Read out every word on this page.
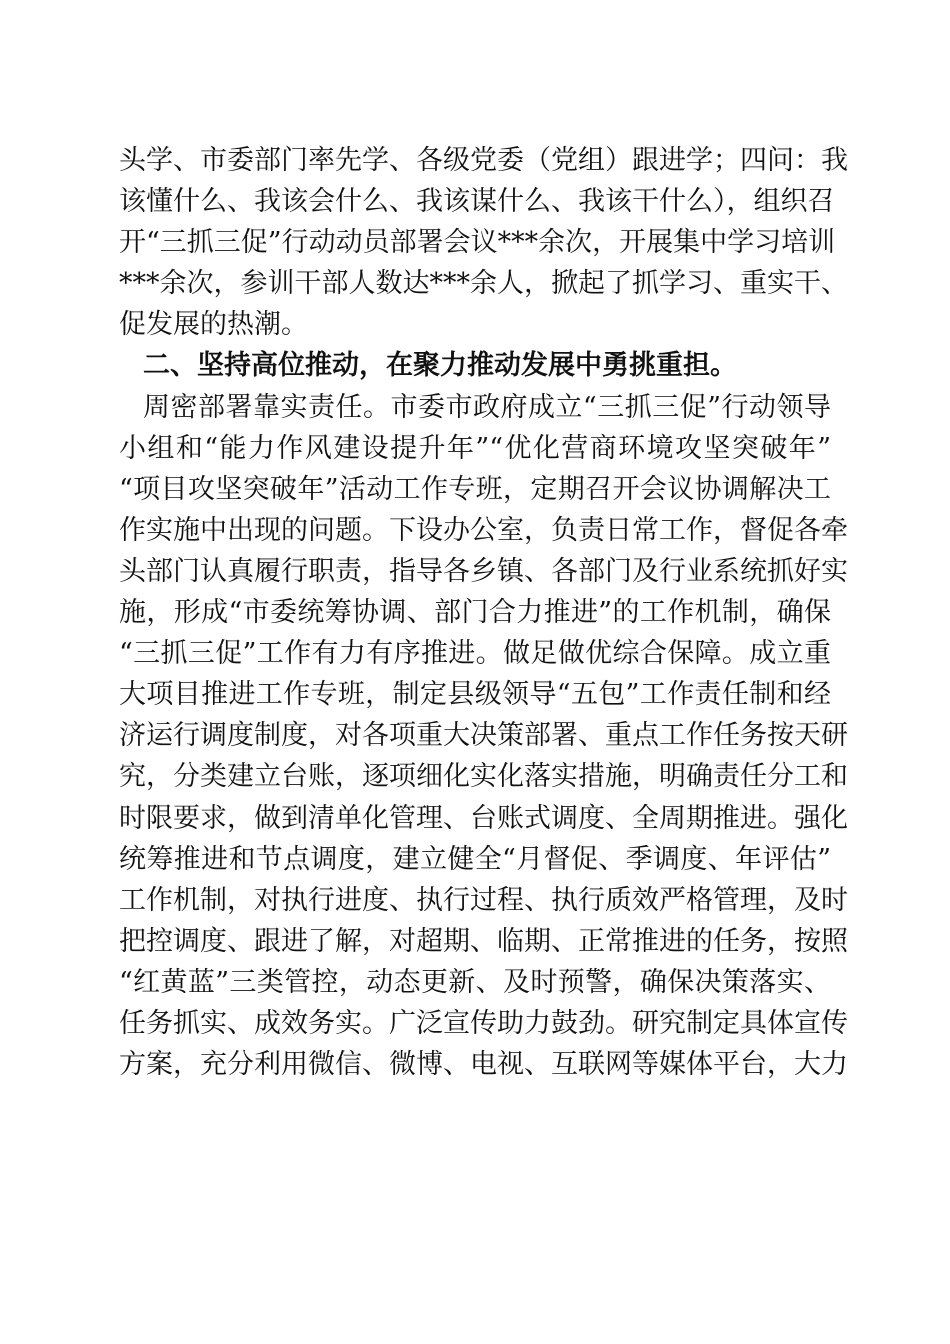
头学、市委部门率先学、各级党委（党组）跟进学；四问：我
该懂什么、我该会什么、我该谋什么、我该干什么），组织召
开“三抓三促”行动动员部署会议***余次，开展集中学习培训
***余次，参训干部人数达***余人，掀起了抓学习、重实干、
促发展的热潮。
二、坚持高位推动，在聚力推动发展中勇挑重担。
周密部署靠实责任。市委市政府成立“三抓三促”行动领导
小组和“能力作风建设提升年”“优化营商环境攻坚突破年”
“项目攻坚突破年”活动工作专班，定期召开会议协调解决工
作实施中出现的问题。下设办公室，负责日常工作，督促各牵
头部门认真履行职责，指导各乡镇、各部门及行业系统抓好实
施，形成“市委统筹协调、部门合力推进”的工作机制，确保
“三抓三促”工作有力有序推进。做足做优综合保障。成立重
大项目推进工作专班，制定县级领导“五包”工作责任制和经
济运行调度制度，对各项重大决策部署、重点工作任务按天研
究，分类建立台账，逐项细化实化落实措施，明确责任分工和
时限要求，做到清单化管理、台账式调度、全周期推进。强化
统筹推进和节点调度，建立健全“月督促、季调度、年评估”
工作机制，对执行进度、执行过程、执行质效严格管理，及时
把控调度、跟进了解，对超期、临期、正常推进的任务，按照
“红黄蓝”三类管控，动态更新、及时预警，确保决策落实、
任务抓实、成效务实。广泛宣传助力鼓劲。研究制定具体宣传
方案，充分利用微信、微博、电视、互联网等媒体平台，大力
